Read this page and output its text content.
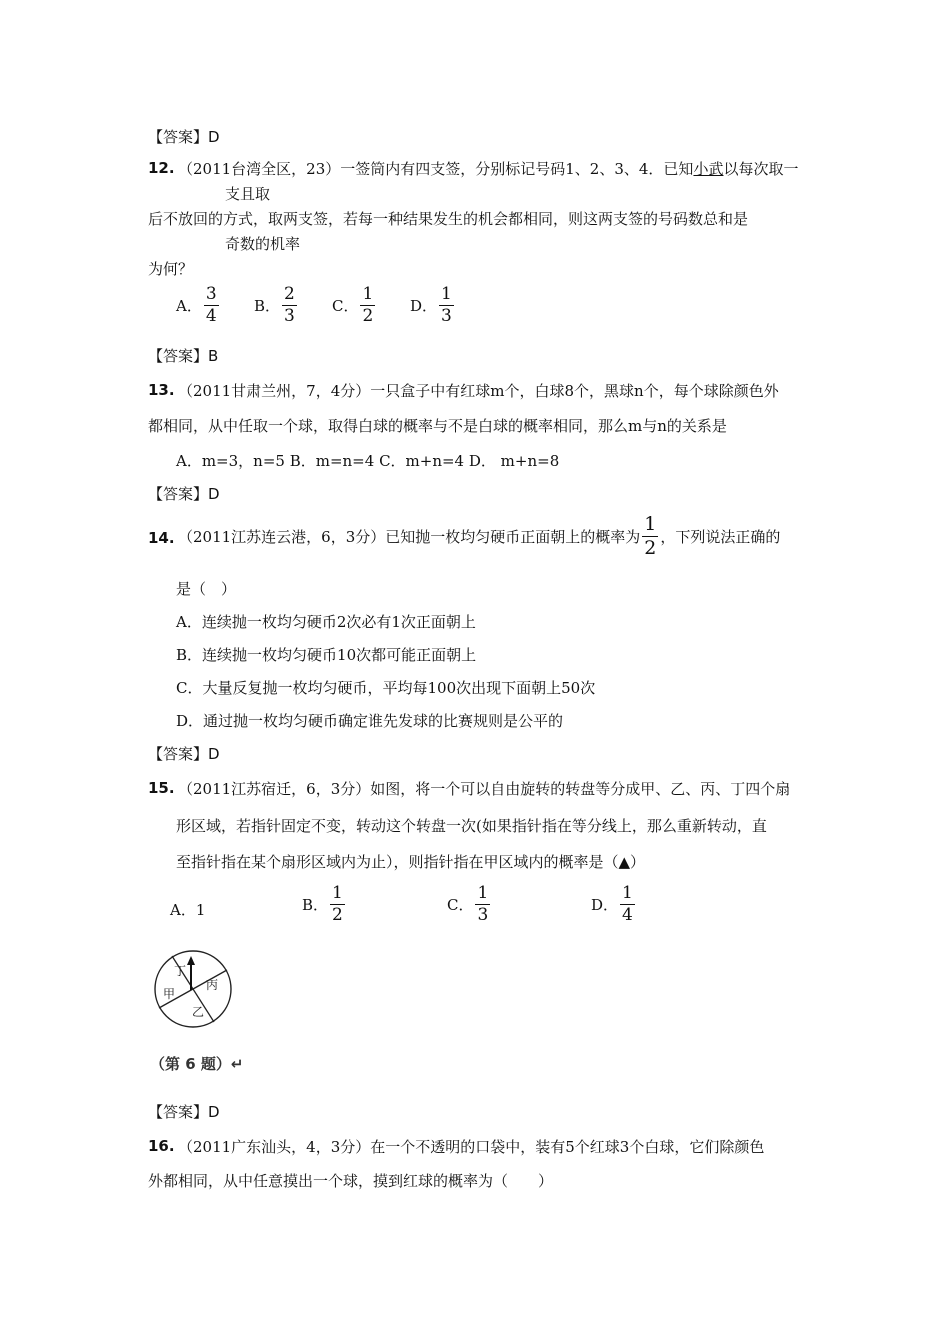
【答案】D
12. （2011台湾全区，23）一签筒内有四支签，分别标记号码1、2、3、4．已知小武以每次取一
支且取
后不放回的方式，取两支签，若每一种结果发生的机会都相同，则这两支签的号码数总和是
奇数的机率
为何？
A． $\frac{3}{4}$ B． $\frac{2}{3}$ C． $\frac{1}{2}$ D． $\frac{1}{3}$
【答案】B
13. （2011甘肃兰州，7，4分）一只盒子中有红球m个，白球8个，黑球n个，每个球除颜色外
都相同，从中任取一个球，取得白球的概率与不是白球的概率相同，那么m与n的关系是
A．m=3，n=5 B．m=n=4 C．m+n=4 D． m+n=8
【答案】D
14. （2011江苏连云港，6，3分）已知抛一枚均匀硬币正面朝上的概率为 $\frac{1}{2}$ ，下列说法正确的
是（　）
A．连续抛一枚均匀硬币2次必有1次正面朝上
B．连续抛一枚均匀硬币10次都可能正面朝上
C．大量反复抛一枚均匀硬币，平均每100次出现下面朝上50次
D．通过抛一枚均匀硬币确定谁先发球的比赛规则是公平的
【答案】D
15. （2011江苏宿迁，6，3分）如图，将一个可以自由旋转的转盘等分成甲、乙、丙、丁四个扇
形区域，若指针固定不变，转动这个转盘一次(如果指针指在等分线上，那么重新转动，直
至指针指在某个扇形区域内为止），则指针指在甲区域内的概率是（▲）
A．1	B． $\frac{1}{2}$	C． $\frac{1}{3}$	D． $\frac{1}{4}$
丁
丙
甲
乙
（第 6 题）↵
【答案】D
16. （2011广东汕头，4，3分）在一个不透明的口袋中，装有5个红球3个白球，它们除颜色
外都相同，从中任意摸出一个球，摸到红球的概率为（　　）
